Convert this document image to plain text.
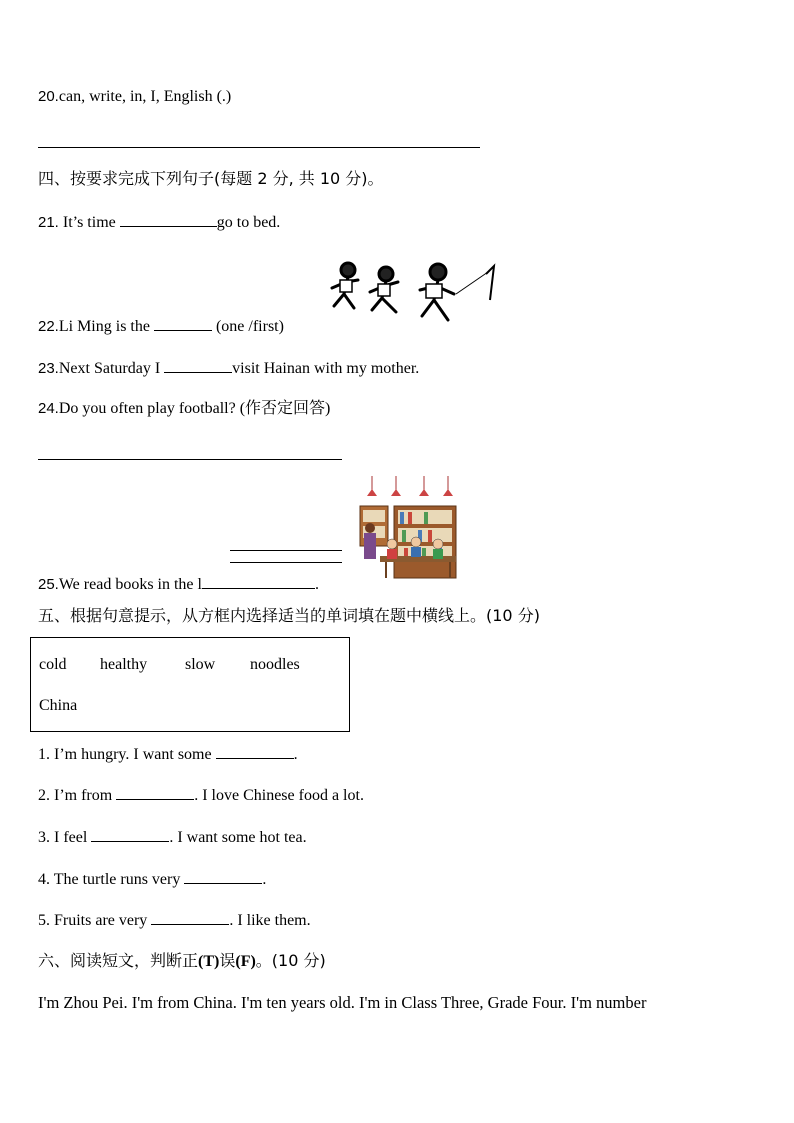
20.can, write, in, I, English (.)
四、按要求完成下列句子(每题 2 分, 共 10 分)。
21. It’s time	go to bed.
22.Li Ming is the	(one /first)
23.Next Saturday I	visit Hainan with my mother.
24.Do you often play football? (作否定回答)
25.We read books in the l	.
五、根据句意提示，从方框内选择适当的单词填在题中横线上。(10 分)
cold healthy slow noodles
China
1. I’m hungry. I want some	.
2. I’m from	. I love Chinese food a lot.
3. I feel	. I want some hot tea.
4. The turtle runs very	.
5. Fruits are very	. I like them.
六、阅读短文，判断正(T)误(F)。(10 分)
I'm Zhou Pei. I'm from China. I'm ten years old. I'm in Class Three, Grade Four. I'm number
